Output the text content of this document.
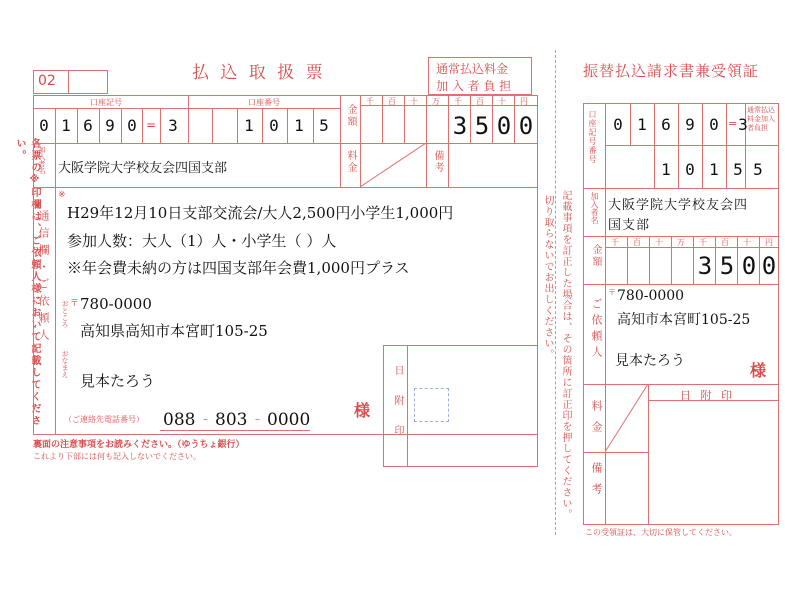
02	払 込 取 扱 票	通常払込料金
加 入 者 負 担
各票の※印欄は、ご依頼人様において記載してください。
口座記号	口座番号
0 1 6 9 0 = 3	1 0 1 5	金額
千	百	十	万	千	百	十	円
3 5 0 0
料金	備考
加入者名 大阪学院大学校友会四国支部
通信欄・ご依頼人
※
H29年12月10日支部交流会/大人2,500円小学生1,000円
参加人数：大人（1）人・小学生（ ）人
※年会費未納の方は四国支部年会費1,000円プラス
〒
おところ 780-0000
高知県高知市本宮町105-25
おなまえ
見本たろう
様
（ご連絡先電話番号） 088 – 803 – 0000	日附印
裏面の注意事項をお読みください。（ゆうちょ銀行）
これより下部には何も記入しないでください。
切り取らないでお出しください。 記載事項を訂正した場合は、その箇所に訂正印を押してください。
振替払込請求書兼受領証
口座記号番号	0 1 6 9 0 = 3
通常払込料金加入者負担
1 0 1 5 5
加入者名 大阪学院大学校友会四
国支部
金額
千	百	十	万	千	百	十	円
3 5 0 0
ご依頼人
〒 780-0000
高知市本宮町105-25
見本たろう	様
料金
備考
日 附 印
この受領証は、大切に保管してください。
